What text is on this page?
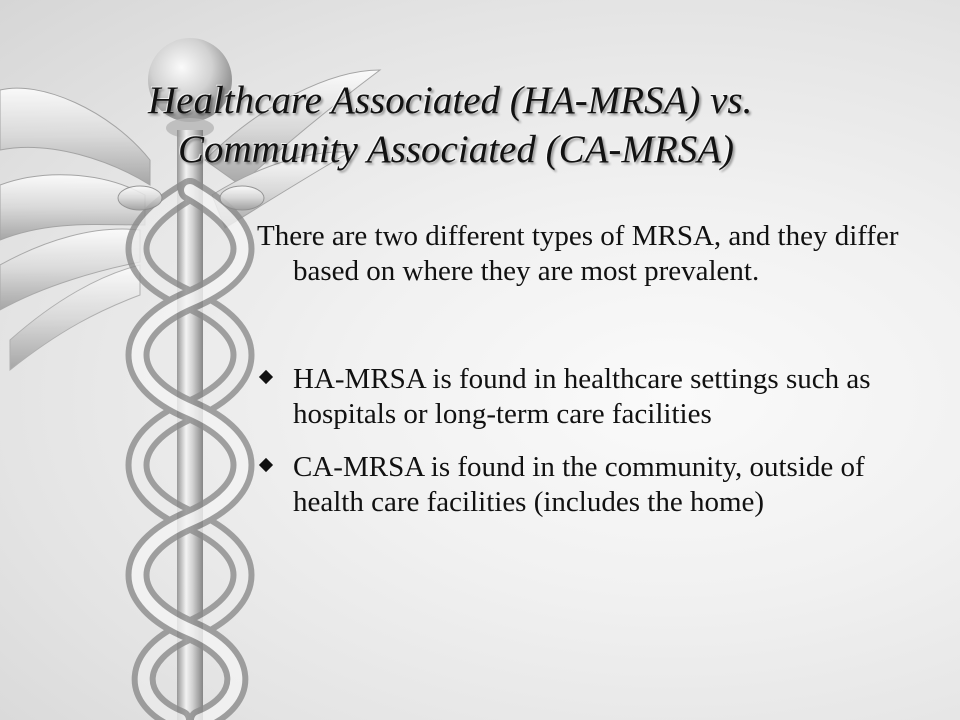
Healthcare Associated (HA-MRSA) vs.
Community Associated (CA-MRSA)

There are two different types of MRSA, and they differ based on where they are most prevalent.

HA-MRSA is found in healthcare settings such as hospitals or long-term care facilities

CA-MRSA is found in the community, outside of health care facilities (includes the home)
